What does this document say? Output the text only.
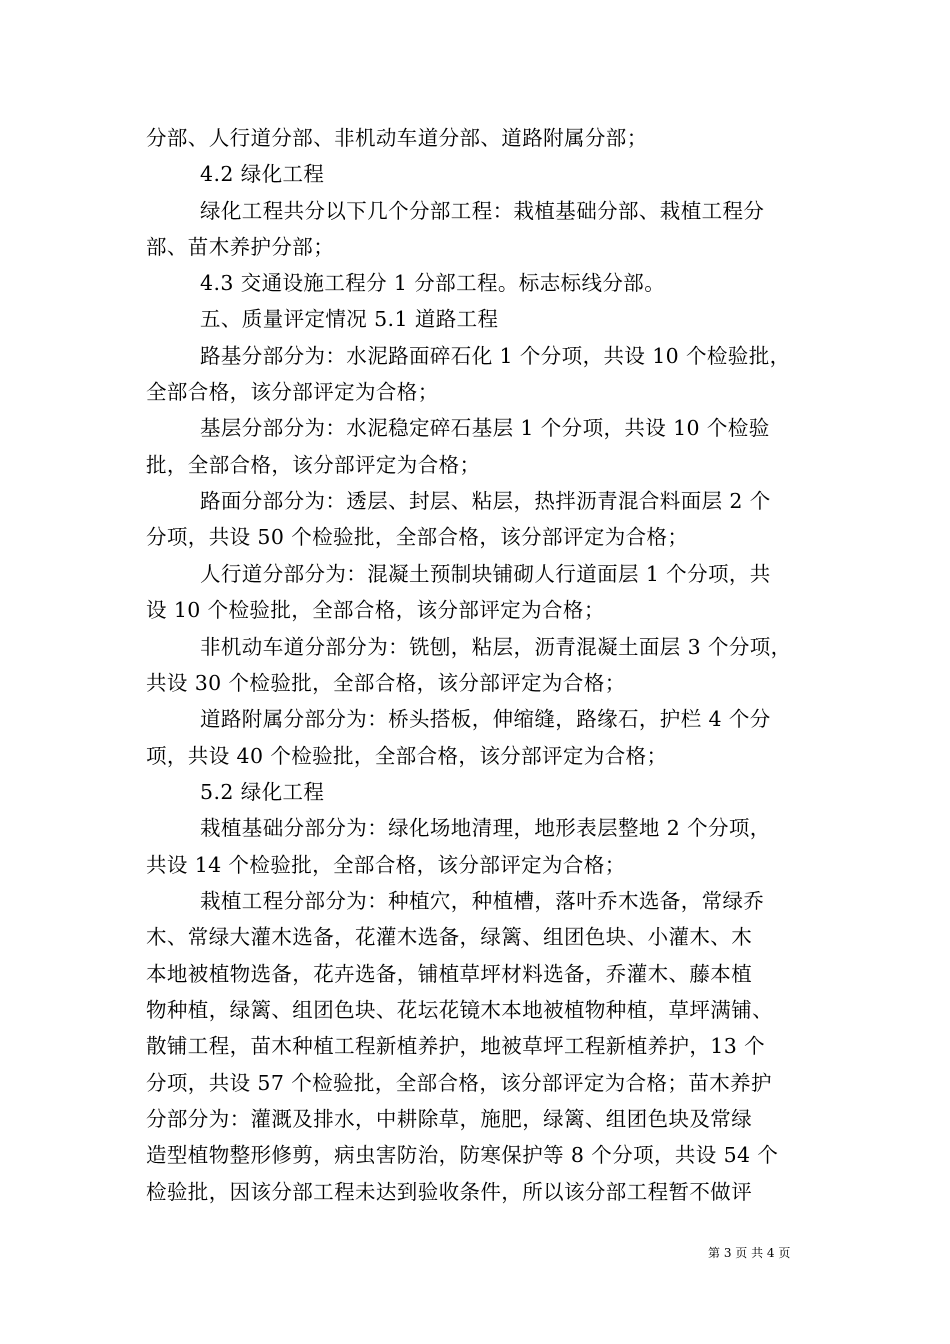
分部、人行道分部、非机动车道分部、道路附属分部；
4.2 绿化工程
绿化工程共分以下几个分部工程：栽植基础分部、栽植工程分
部、苗木养护分部；
4.3 交通设施工程分 1 分部工程。标志标线分部。
五、质量评定情况 5.1 道路工程
路基分部分为：水泥路面碎石化 1 个分项，共设 10 个检验批，
全部合格，该分部评定为合格；
基层分部分为：水泥稳定碎石基层 1 个分项，共设 10 个检验
批，全部合格，该分部评定为合格；
路面分部分为：透层、封层、粘层，热拌沥青混合料面层 2 个
分项，共设 50 个检验批，全部合格，该分部评定为合格；
人行道分部分为：混凝土预制块铺砌人行道面层 1 个分项，共
设 10 个检验批，全部合格，该分部评定为合格；
非机动车道分部分为：铣刨，粘层，沥青混凝土面层 3 个分项，
共设 30 个检验批，全部合格，该分部评定为合格；
道路附属分部分为：桥头搭板，伸缩缝，路缘石，护栏 4 个分
项，共设 40 个检验批，全部合格，该分部评定为合格；
5.2 绿化工程
栽植基础分部分为：绿化场地清理，地形表层整地 2 个分项，
共设 14 个检验批，全部合格，该分部评定为合格；
栽植工程分部分为：种植穴，种植槽，落叶乔木选备，常绿乔
木、常绿大灌木选备，花灌木选备，绿篱、组团色块、小灌木、木
本地被植物选备，花卉选备，铺植草坪材料选备，乔灌木、藤本植
物种植，绿篱、组团色块、花坛花镜木本地被植物种植，草坪满铺、
散铺工程，苗木种植工程新植养护，地被草坪工程新植养护，13 个
分项，共设 57 个检验批，全部合格，该分部评定为合格；苗木养护
分部分为：灌溉及排水，中耕除草，施肥，绿篱、组团色块及常绿
造型植物整形修剪，病虫害防治，防寒保护等 8 个分项，共设 54 个
检验批，因该分部工程未达到验收条件，所以该分部工程暂不做评
第 3 页 共 4 页
